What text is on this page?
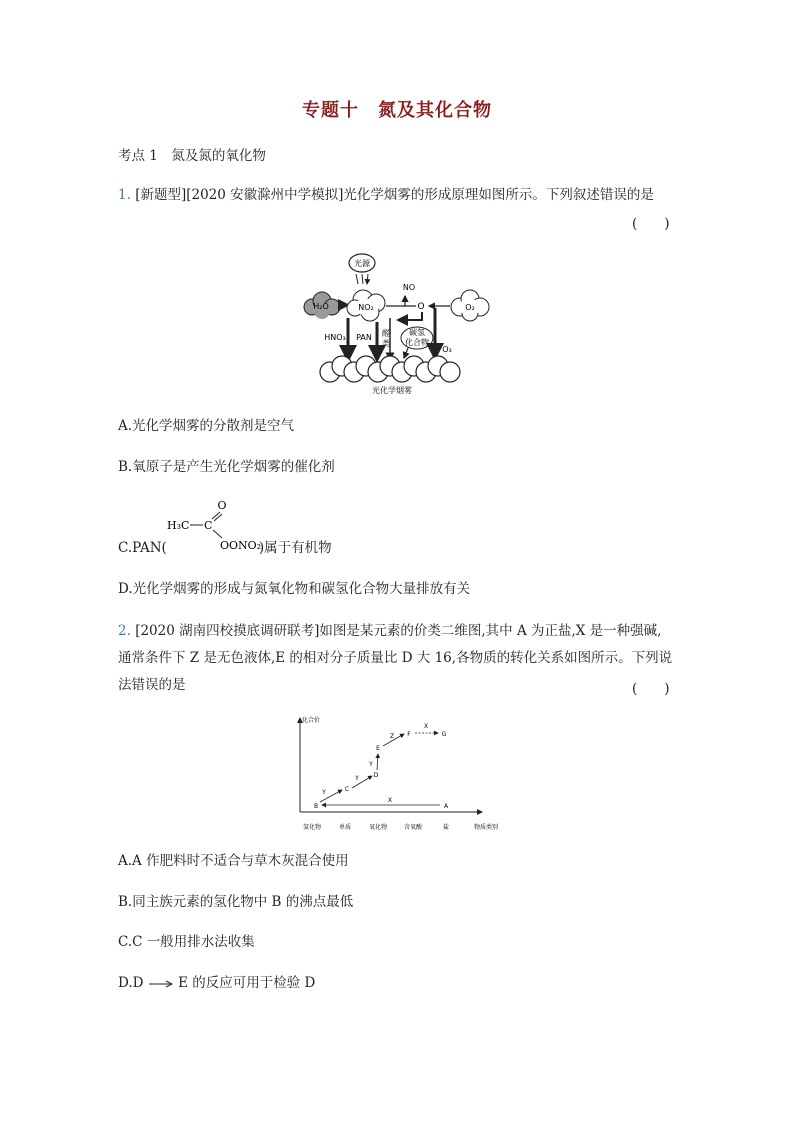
专题十　氮及其化合物
考点 1　氮及氮的氧化物
1. [新题型][2020 安徽滁州中学模拟]光化学烟雾的形成原理如图所示。下列叙述错误的是
(　　)
光源
H₂O	NO₂
NO
O	O₂
HNO₃ PAN 醛
类
碳氢
化合物
O₃
光化学烟雾
A.光化学烟雾的分散剂是空气
B.氧原子是产生光化学烟雾的催化剂
O
H₃C C
OONO₂
C.PAN(	)属于有机物
D.光化学烟雾的形成与氮氧化物和碳氢化合物大量排放有关
2. [2020 湖南四校摸底调研联考]如图是某元素的价类二维图,其中 A 为正盐,X 是一种强碱,
通常条件下 Z 是无色液体,E 的相对分子质量比 D 大 16,各物质的转化关系如图所示。下列说
法错误的是	(　　)
化合价
物质类别
氢化物	单质	氧化物	含氧酸	盐
A
B
X
Y	C
Y D
Y
E
Z F
X
G
A.A 作肥料时不适合与草木灰混合使用
B.同主族元素的氢化物中 B 的沸点最低
C.C 一般用排水法收集
D.D → E 的反应可用于检验 D
